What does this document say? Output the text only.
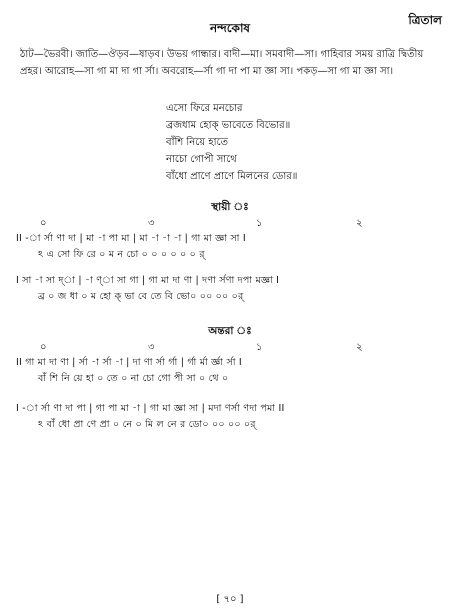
ত্রিতাল
নন্দকোষ
ঠাট—ভৈরবী। জাতি—ঔড়ব—ষাড়ব। উভয় গান্ধার। বাদী—মা। সমবাদী—সা। গাহিবার সময় রাত্রি দ্বিতীয়
প্রহর। আরোহ—সা গা মা দা গা র্সা। অবরোহ—র্সা গা দা পা মা জ্ঞা সা। পকড়—সা গা মা জ্ঞা সা।
এসো ফিরে মনচোর
ব্রজধাম হোক্‌ ভাবেতে বিভোর॥
বাঁশি নিয়ে হাতে
নাচো গোপী সাথে
বাঁধো প্রাণে প্রাণে মিলনের ডোর॥
স্থায়ী ঃ
০	৩	১	২
II -া র্সা ণা দা | মা -া পা মা | মা -া -া -া | গা মা জ্ঞা সা I
ঽ এ সো ফি রে ০ ম ন চো ০ ০ ০ ০ ০ ০ র্‌
I সা -া সা দ্‌া | -া ণ্‌া সা গা | গা মা দা ণা | দণা র্সণা দপা মজ্ঞা I
ব্র ০ জ ধা ০ ম হো ক্‌ ভা বে তে বি ভো০ ০০ ০০ ০র্‌
অন্তরা ঃ
০	৩	১	২
II গা মা দা ণা | র্সা -া র্সা -া | দা ণা র্সা র্গা | র্গা র্মা র্জ্ঞা র্সা I
বাঁ শি নি য়ে হা ০ তে ০ না চো গো পী সা ০ থে ০
I -া র্সা ণা দা পা | গা পা মা -া | গা মা জ্ঞা সা | মদা ণর্সা ণদা পমা II
ঽ বাঁ ধো প্রা ণে প্রা ০ নে ০ মি ল নে র ডো০ ০০ ০০ ০র্‌
[ ৭০ ]
